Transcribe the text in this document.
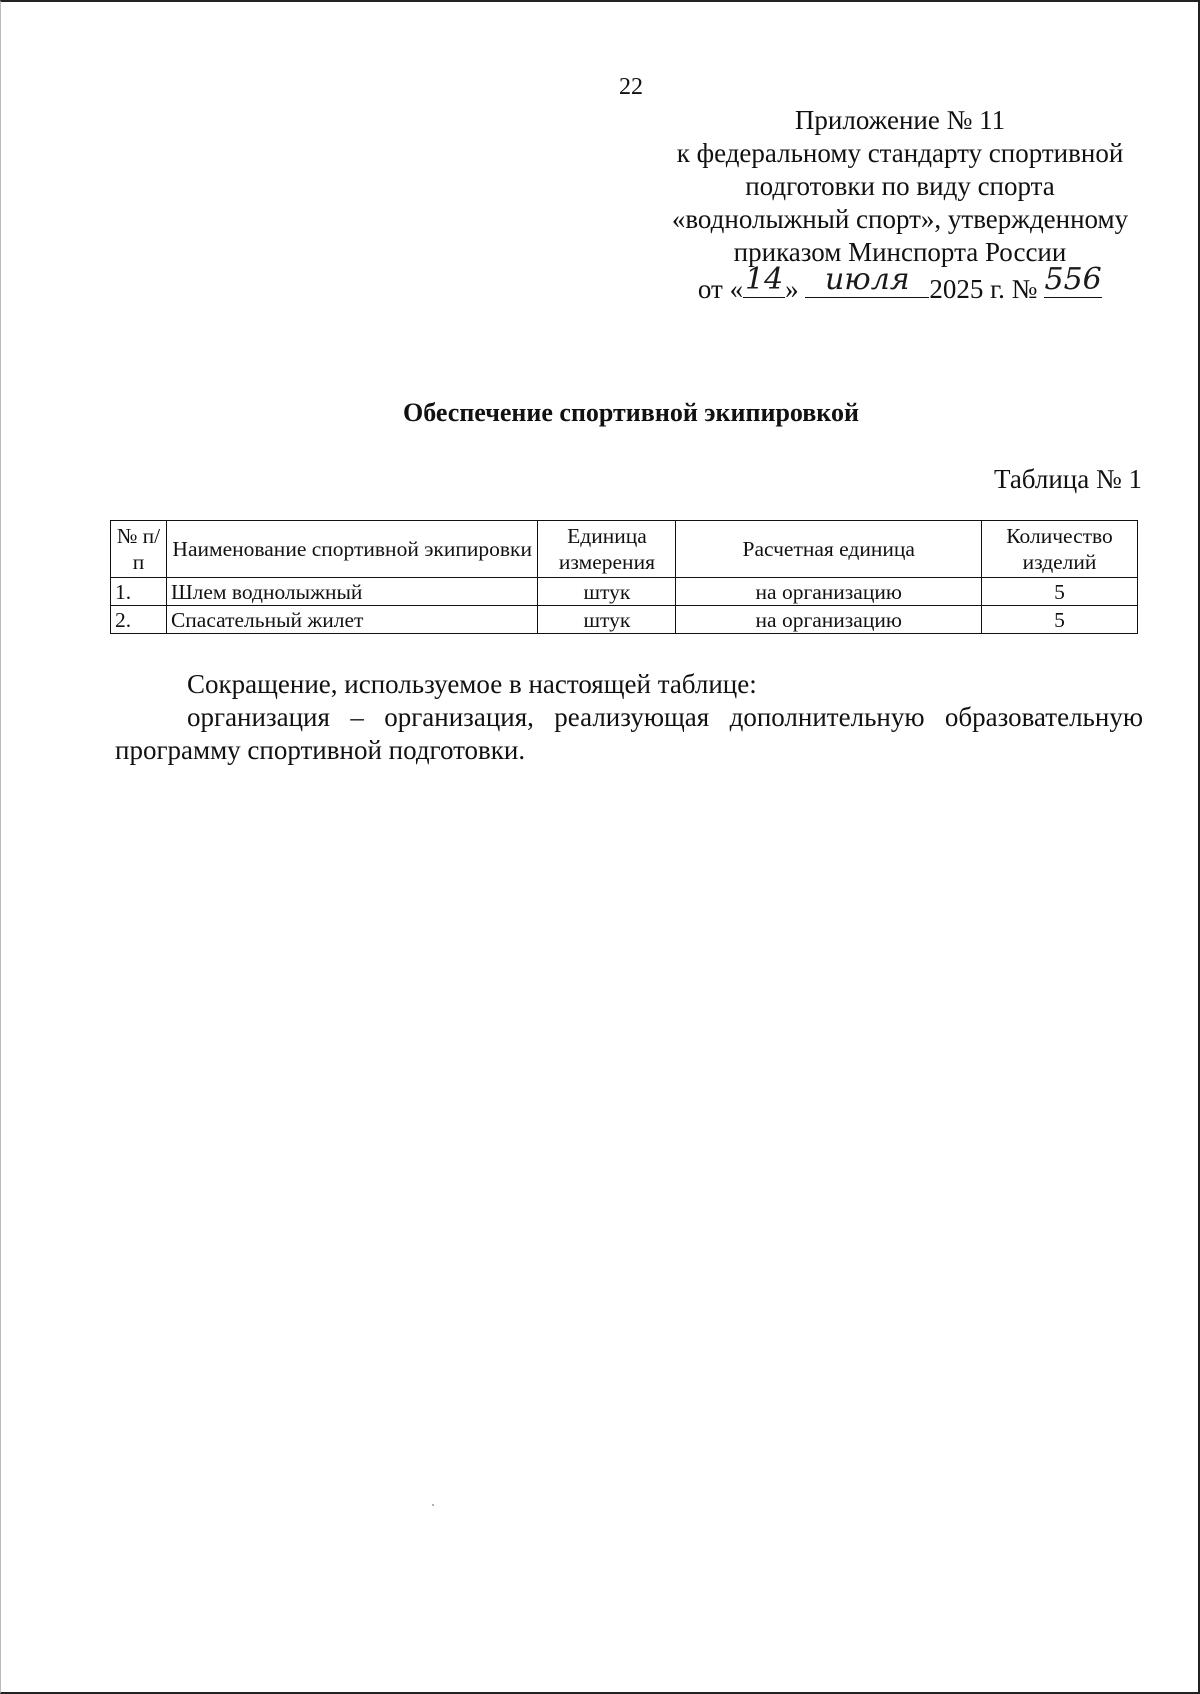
22
Приложение № 11
к федеральному стандарту спортивной
подготовки по виду спорта
«воднолыжный спорт», утвержденному
приказом Минспорта России
от « 14 » июля 2025 г. № 556
Обеспечение спортивной экипировкой
Таблица № 1
№ п/п	Наименование спортивной экипировки	Единица измерения	Расчетная единица	Количество изделий
1.	Шлем воднолыжный	штук	на организацию	5
2.	Спасательный жилет	штук	на организацию	5

Сокращение, используемое в настоящей таблице:

организация – организация, реализующая дополнительную образовательную программу спортивной подготовки.
